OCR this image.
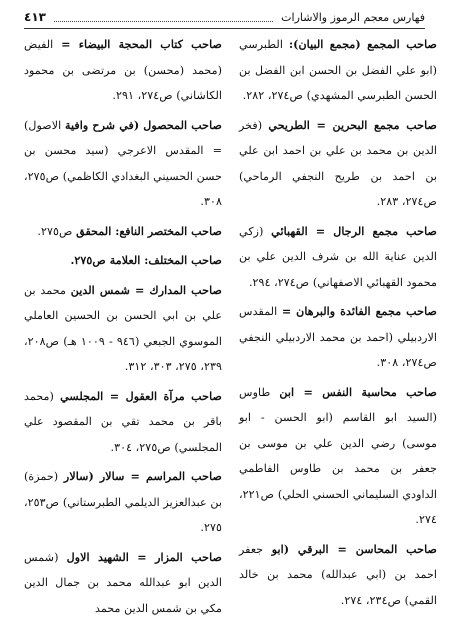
فهارس معجم الرموز والاشارات
٤١٣

صاحب المجمع (مجمع البيان): الطبرسي (ابو علي الفضل بن الحسن ابن الفضل بن الحسن الطبرسي المشهدي) ص٢٧٤، ٢٨٢.

صاحب مجمع البحرين = الطريحي (فخر الدين بن محمد بن علي بن احمد ابن علي بن احمد بن طريح النجفي الرماحي) ص٢٧٤، ٢٨٣.

صاحب مجمع الرجال = القهبائي (زكي الدين عناية الله بن شرف الدين علي بن محمود القهبائي الاصفهاني) ص٢٧٤، ٢٩٤.

صاحب مجمع الفائدة والبرهان = المقدس الاردبيلي (احمد بن محمد الاردبيلي النجفي ص٢٧٤، ٣٠٨.

صاحب محاسبة النفس = ابن طاوس (السيد ابو القاسم (ابو الحسن - ابو موسى) رضي الدين علي بن موسى بن جعفر بن محمد بن طاوس الفاطمي الداودي السليماني الحسني الحلي) ص٢٢١، ٢٧٤.

صاحب المحاسن = البرقي (ابو جعفر احمد بن (ابي عبدالله) محمد بن خالد القمي) ص٢٣٤، ٢٧٤.

صاحب كتاب المحجة البيضاء = الفيض (محمد (محسن) بن مرتضى بن محمود الكاشاني) ص٢٧٤، ٢٩١.

صاحب المحصول (في شرح وافية الاصول) = المقدس الاعرجي (سيد محسن بن حسن الحسيني البغدادي الكاظمي) ص٢٧٥، ٣٠٨.

صاحب المختصر النافع: المحقق ص٢٧٥.

صاحب المختلف: العلامة ص٢٧٥.

صاحب المدارك = شمس الدين محمد بن علي بن ابي الحسن بن الحسين العاملي الموسوي الجبعي (٩٤٦ - ١٠٠٩ هـ) ص٢٠٨، ٢٣٩، ٢٧٥، ٣٠٣، ٣١٢.

صاحب مرآة العقول = المجلسي (محمد باقر بن محمد تقي بن المقصود علي المجلسي) ص٢٧٥، ٣٠٤.

صاحب المراسم = سالار (سالار (حمزة) بن عبدالعزيز الديلمي الطبرستاني) ص٢٥٣، ٢٧٥.

صاحب المزار = الشهيد الاول (شمس الدين ابو عبدالله محمد بن جمال الدين مكي بن شمس الدين محمد
